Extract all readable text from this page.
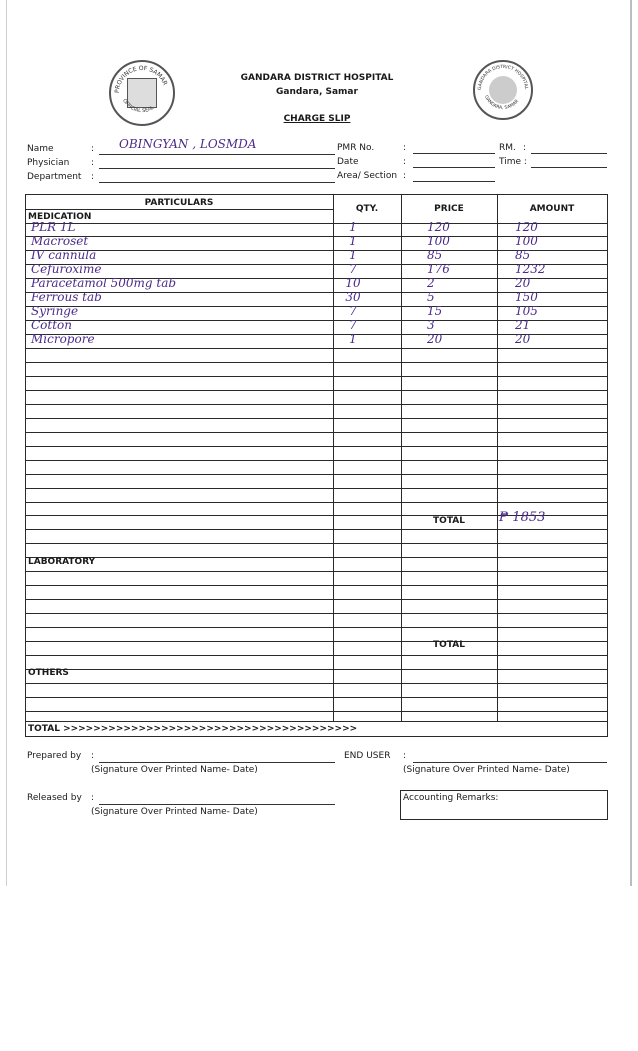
PROVINCE OF SAMAR
OFFICIAL SEAL
GANDARA DISTRICT HOSPITAL
GANDARA, SAMAR
GANDARA DISTRICT HOSPITAL
Gandara, Samar
CHARGE SLIP
Name	: OBINGYAN , LOSMDA
Physician :
Department :
PMR No.	:
Date	:
Area/ Section :
RM. :
Time :
PARTICULARS
QTY.	PRICE	AMOUNT
MEDICATION
LABORATORY
OTHERS
TOTAL	₱ 1853
TOTAL
TOTAL >>>>>>>>>>>>>>>>>>>>>>>>>>>>>>>>>>>>>>>
PLR 1L	1	120	120
Macroset	1	100	100
IV cannula	1	85	85
Cefuroxime	7	176	1232
Paracetamol 500mg tab	10	2	20
Ferrous tab	30	5	150
Syringe	7	15	105
Cotton	7	3	21
Micropore	1	20	20
Prepared by :
(Signature Over Printed Name- Date)
END USER :
(Signature Over Printed Name- Date)
Released by :
(Signature Over Printed Name- Date)
Accounting Remarks:
